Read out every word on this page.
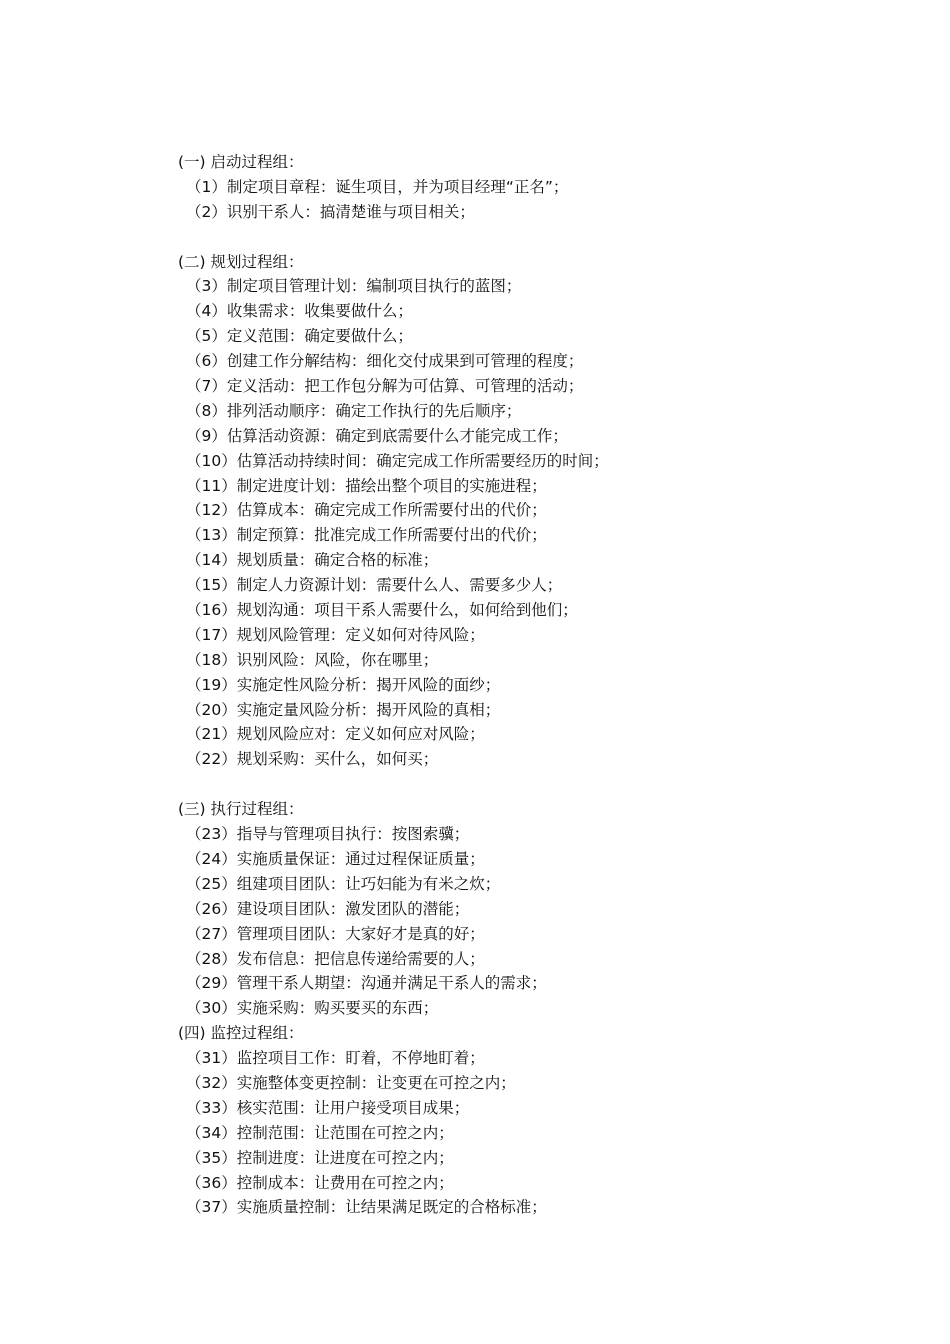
(一) 启动过程组：
（1）制定项目章程：诞生项目，并为项目经理“正名”；
（2）识别干系人：搞清楚谁与项目相关；
(二) 规划过程组：
（3）制定项目管理计划：编制项目执行的蓝图；
（4）收集需求：收集要做什么；
（5）定义范围：确定要做什么；
（6）创建工作分解结构：细化交付成果到可管理的程度；
（7）定义活动：把工作包分解为可估算、可管理的活动；
（8）排列活动顺序：确定工作执行的先后顺序；
（9）估算活动资源：确定到底需要什么才能完成工作；
（10）估算活动持续时间：确定完成工作所需要经历的时间；
（11）制定进度计划：描绘出整个项目的实施进程；
（12）估算成本：确定完成工作所需要付出的代价；
（13）制定预算：批准完成工作所需要付出的代价；
（14）规划质量：确定合格的标准；
（15）制定人力资源计划：需要什么人、需要多少人；
（16）规划沟通：项目干系人需要什么，如何给到他们；
（17）规划风险管理：定义如何对待风险；
（18）识别风险：风险，你在哪里；
（19）实施定性风险分析：揭开风险的面纱；
（20）实施定量风险分析：揭开风险的真相；
（21）规划风险应对：定义如何应对风险；
（22）规划采购：买什么，如何买；
(三) 执行过程组：
（23）指导与管理项目执行：按图索骥；
（24）实施质量保证：通过过程保证质量；
（25）组建项目团队：让巧妇能为有米之炊；
（26）建设项目团队：激发团队的潜能；
（27）管理项目团队：大家好才是真的好；
（28）发布信息：把信息传递给需要的人；
（29）管理干系人期望：沟通并满足干系人的需求；
（30）实施采购：购买要买的东西；
(四) 监控过程组：
（31）监控项目工作：盯着，不停地盯着；
（32）实施整体变更控制：让变更在可控之内；
（33）核实范围：让用户接受项目成果；
（34）控制范围：让范围在可控之内；
（35）控制进度：让进度在可控之内；
（36）控制成本：让费用在可控之内；
（37）实施质量控制：让结果满足既定的合格标准；
